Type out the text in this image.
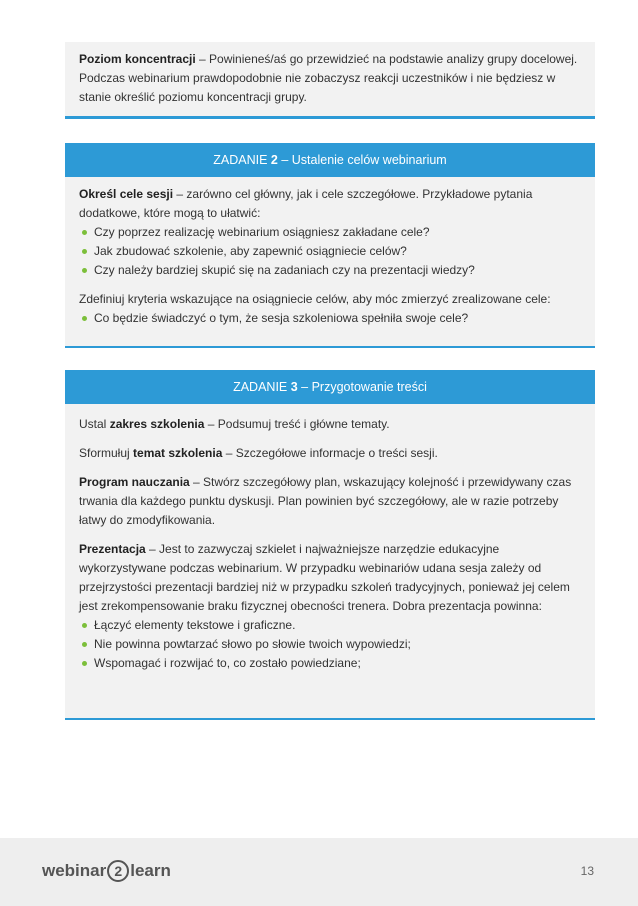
Poziom koncentracji – Powinieneś/aś go przewidzieć na podstawie analizy grupy docelowej. Podczas webinarium prawdopodobnie nie zobaczysz reakcji uczestników i nie będziesz w stanie określić poziomu koncentracji grupy.

ZADANIE 2 – Ustalenie celów webinarium

Określ cele sesji – zarówno cel główny, jak i cele szczegółowe. Przykładowe pytania dodatkowe, które mogą to ułatwić:

Czy poprzez realizację webinarium osiągniesz zakładane cele?
Jak zbudować szkolenie, aby zapewnić osiągniecie celów?
Czy należy bardziej skupić się na zadaniach czy na prezentacji wiedzy?

Zdefiniuj kryteria wskazujące na osiągniecie celów, aby móc zmierzyć zrealizowane cele:

Co będzie świadczyć o tym, że sesja szkoleniowa spełniła swoje cele?
ZADANIE 3 – Przygotowanie treści

Ustal zakres szkolenia – Podsumuj treść i główne tematy.

Sformułuj temat szkolenia – Szczegółowe informacje o treści sesji.

Program nauczania – Stwórz szczegółowy plan, wskazujący kolejność i przewidywany czas trwania dla każdego punktu dyskusji. Plan powinien być szczegółowy, ale w razie potrzeby łatwy do zmodyfikowania.

Prezentacja – Jest to zazwyczaj szkielet i najważniejsze narzędzie edukacyjne wykorzystywane podczas webinarium. W przypadku webinariów udana sesja zależy od przejrzystości prezentacji bardziej niż w przypadku szkoleń tradycyjnych, ponieważ jej celem jest zrekompensowanie braku fizycznej obecności trenera. Dobra prezentacja powinna:

Łączyć elementy tekstowe i graficzne.
Nie powinna powtarzać słowo po słowie twoich wypowiedzi;
Wspomagać i rozwijać to, co zostało powiedziane;
webinar 2 learn	13
